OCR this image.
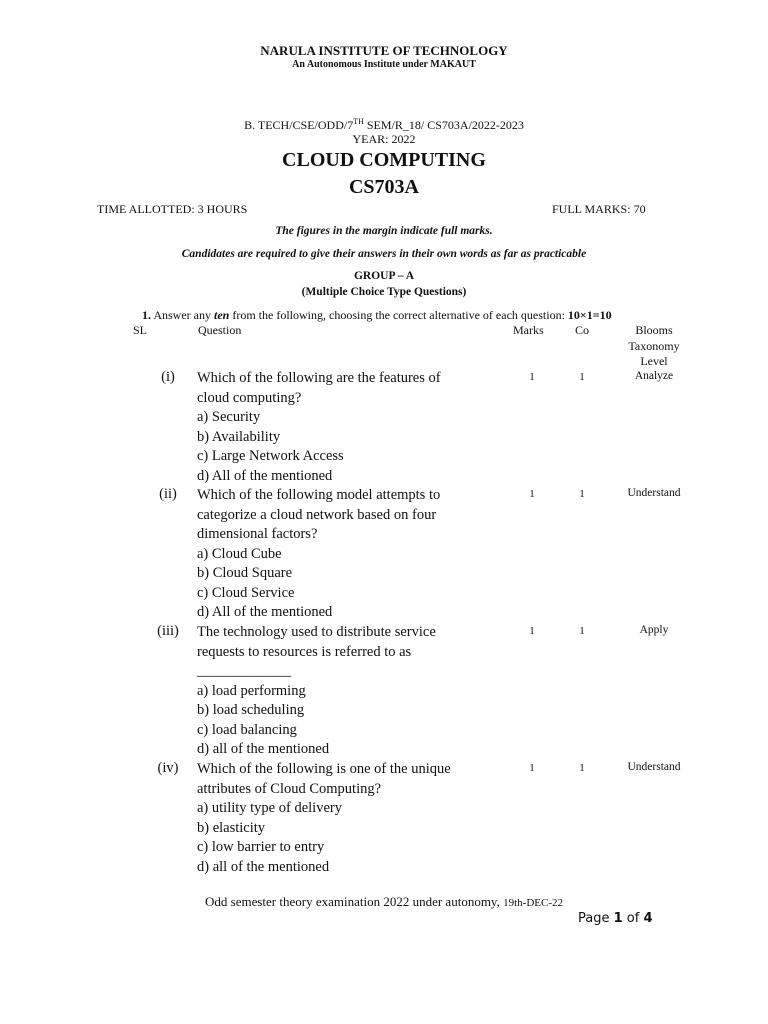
NARULA INSTITUTE OF TECHNOLOGY
An Autonomous Institute under MAKAUT
B. TECH/CSE/ODD/7TH SEM/R_18/ CS703A/2022-2023
YEAR: 2022
CLOUD COMPUTING
CS703A
TIME ALLOTTED: 3 HOURS	FULL MARKS: 70
The figures in the margin indicate full marks.
Candidates are required to give their answers in their own words as far as practicable
GROUP – A
(Multiple Choice Type Questions)
1. Answer any ten from the following, choosing the correct alternative of each question: 10×1=10
SL	Question	Marks	Co	Blooms
Taxonomy
Level
(i)	Which of the following are the features of
cloud computing?
a) Security
b) Availability
c) Large Network Access
d) All of the mentioned
1	1	Analyze
(ii)	Which of the following model attempts to
categorize a cloud network based on four
dimensional factors?
a) Cloud Cube
b) Cloud Square
c) Cloud Service
d) All of the mentioned
1	1	Understand
(iii)	The technology used to distribute service
requests to resources is referred to as
_____________
a) load performing
b) load scheduling
c) load balancing
d) all of the mentioned
1	1	Apply
(iv)	Which of the following is one of the unique
attributes of Cloud Computing?
a) utility type of delivery
b) elasticity
c) low barrier to entry
d) all of the mentioned
1	1	Understand
Odd semester theory examination 2022 under autonomy, 19th-DEC-22
Page 1 of 4
